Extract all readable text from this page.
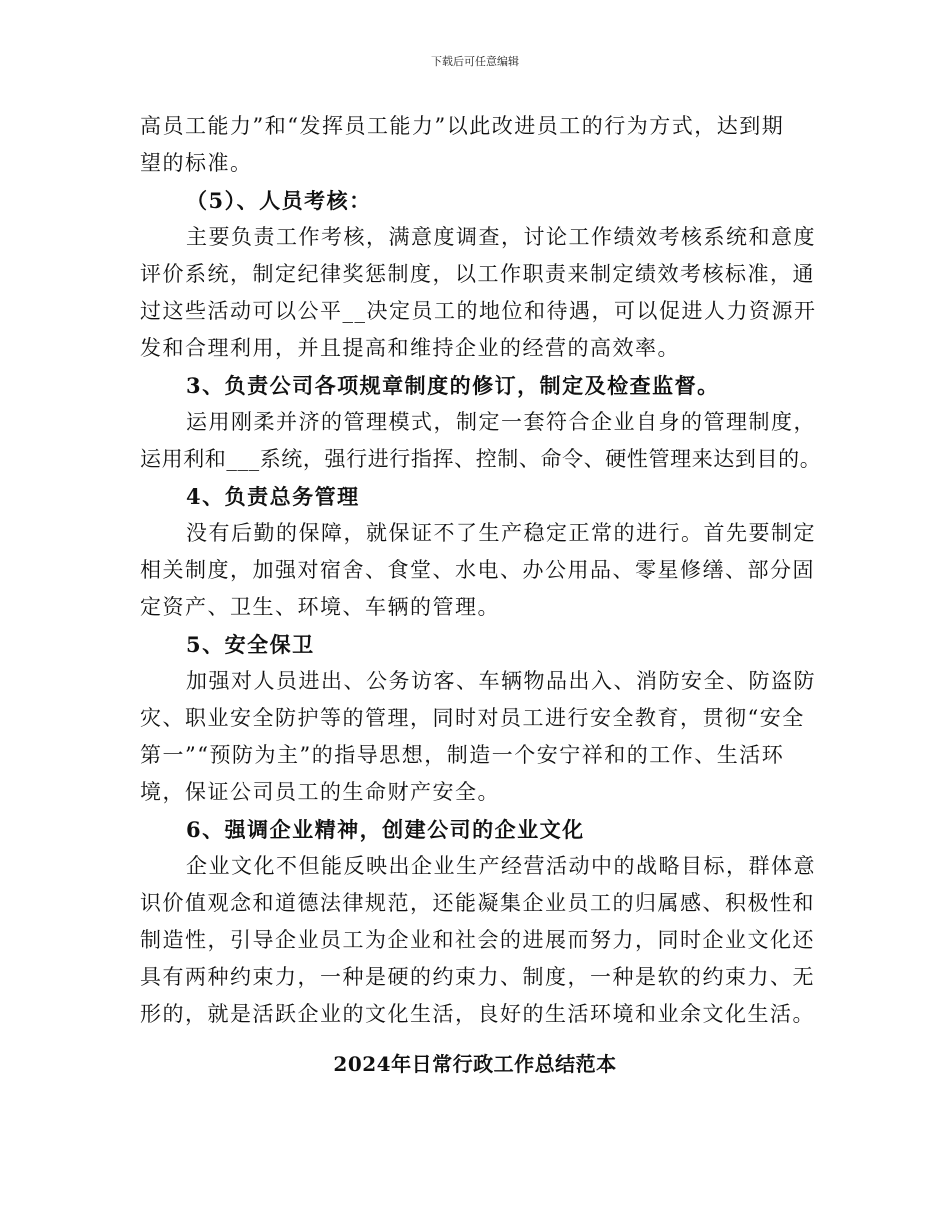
下载后可任意编辑
高员工能力”和“发挥员工能力”以此改进员工的行为方式，达到期
望的标准。
（5）、人员考核：
主要负责工作考核，满意度调查，讨论工作绩效考核系统和意度
评价系统，制定纪律奖惩制度，以工作职责来制定绩效考核标准，通
过这些活动可以公平__决定员工的地位和待遇，可以促进人力资源开
发和合理利用，并且提高和维持企业的经营的高效率。
3、负责公司各项规章制度的修订，制定及检查监督。
运用刚柔并济的管理模式，制定一套符合企业自身的管理制度，
运用利和___系统，强行进行指挥、控制、命令、硬性管理来达到目的。
4、负责总务管理
没有后勤的保障，就保证不了生产稳定正常的进行。首先要制定
相关制度，加强对宿舍、食堂、水电、办公用品、零星修缮、部分固
定资产、卫生、环境、车辆的管理。
5、安全保卫
加强对人员进出、公务访客、车辆物品出入、消防安全、防盗防
灾、职业安全防护等的管理，同时对员工进行安全教育，贯彻“安全
第一”“预防为主”的指导思想，制造一个安宁祥和的工作、生活环
境，保证公司员工的生命财产安全。
6、强调企业精神，创建公司的企业文化
企业文化不但能反映出企业生产经营活动中的战略目标，群体意
识价值观念和道德法律规范，还能凝集企业员工的归属感、积极性和
制造性，引导企业员工为企业和社会的进展而努力，同时企业文化还
具有两种约束力，一种是硬的约束力、制度，一种是软的约束力、无
形的，就是活跃企业的文化生活，良好的生活环境和业余文化生活。
2024年日常行政工作总结范本
